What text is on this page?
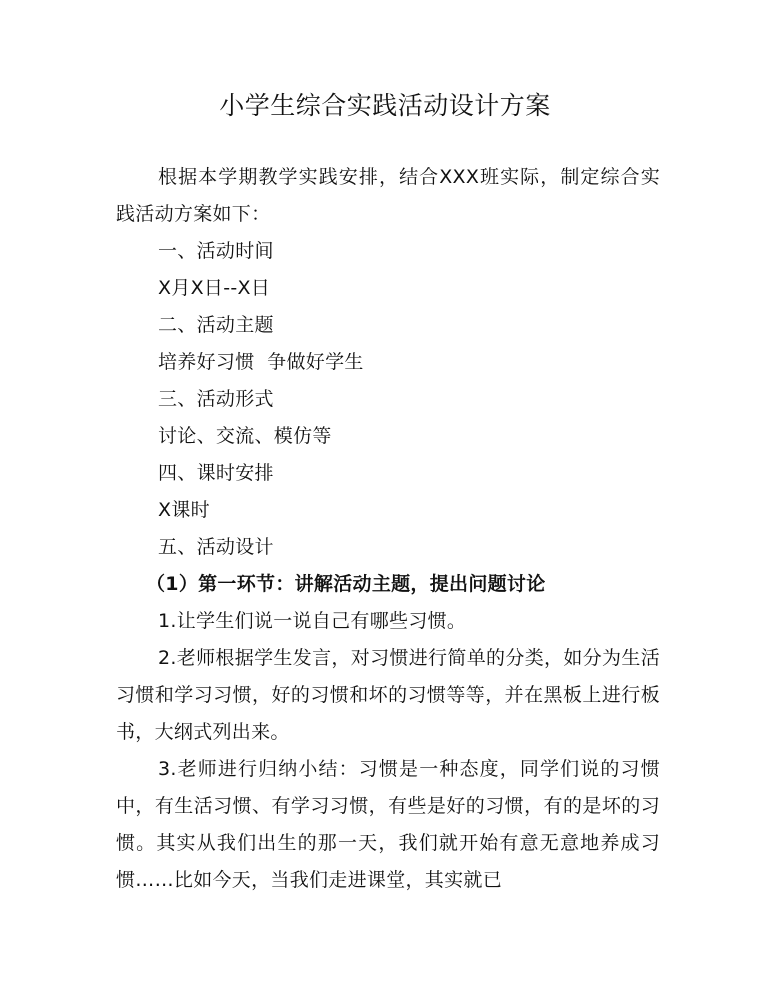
小学生综合实践活动设计方案

根据本学期教学实践安排，结合XXX班实际，制定综合实践活动方案如下：

一、活动时间

X月X日--X日

二、活动主题

培养好习惯  争做好学生

三、活动形式

讨论、交流、模仿等

四、课时安排

X课时

五、活动设计

（1）第一环节：讲解活动主题，提出问题讨论

1.让学生们说一说自己有哪些习惯。

2.老师根据学生发言，对习惯进行简单的分类，如分为生活习惯和学习习惯，好的习惯和坏的习惯等等，并在黑板上进行板书，大纲式列出来。

3.老师进行归纳小结：习惯是一种态度，同学们说的习惯中，有生活习惯、有学习习惯，有些是好的习惯，有的是坏的习惯。其实从我们出生的那一天，我们就开始有意无意地养成习惯……比如今天，当我们走进课堂，其实就已
